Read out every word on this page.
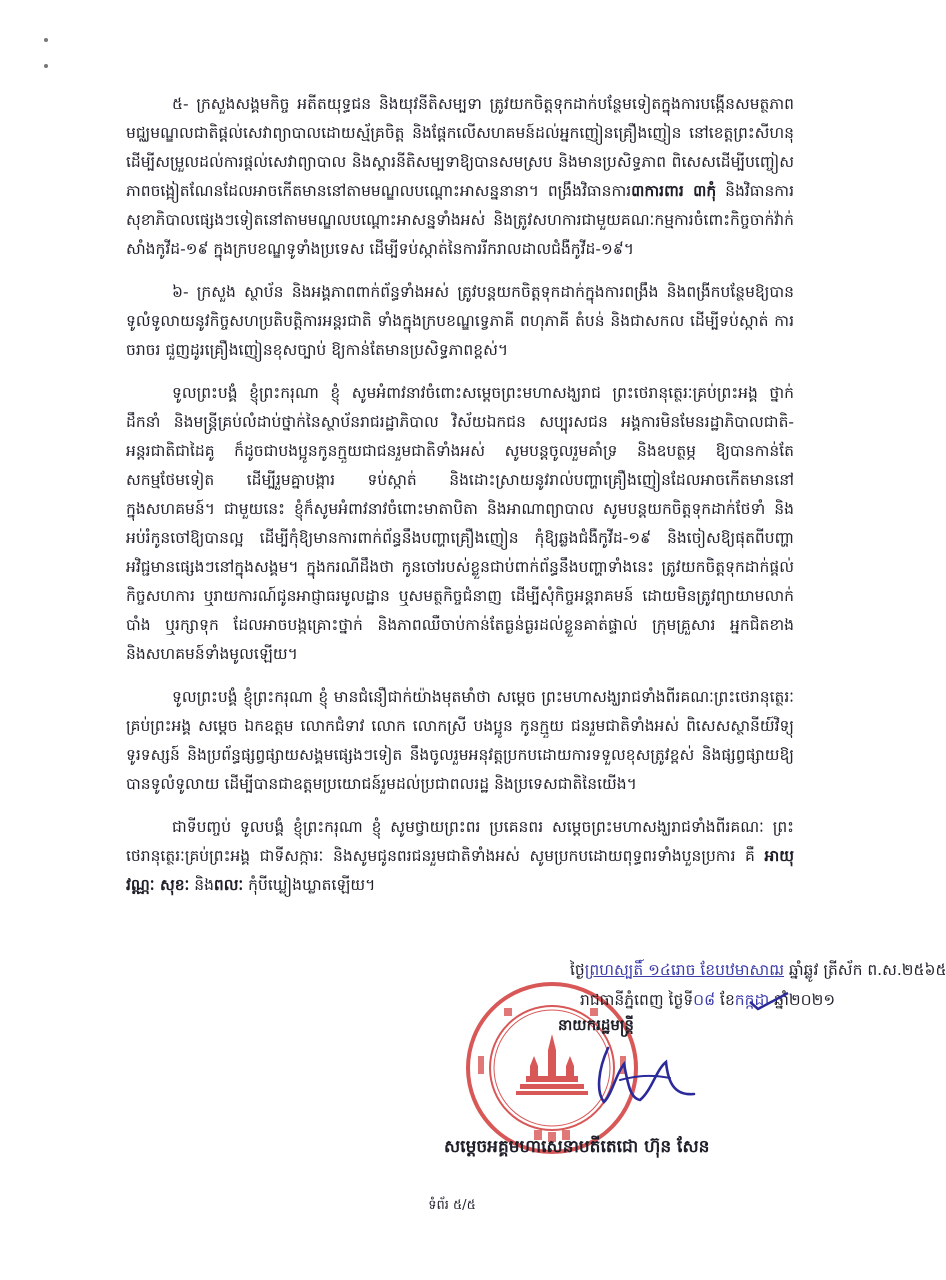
៥- ក្រសួងសង្គមកិច្ច អតីតយុទ្ធជន និងយុវនីតិសម្បទា ត្រូវយកចិត្តទុកដាក់បន្ថែមទៀតក្នុងការបង្កើនសមត្ថភាពមជ្ឈមណ្ឌលជាតិផ្ដល់សេវាព្យាបាលដោយស្ម័គ្រចិត្ត និងផ្ដែកលើសហគមន៍ដល់អ្នកញៀនគ្រឿងញៀន នៅខេត្តព្រះសីហនុ ដើម្បីសម្រួលដល់ការផ្ដល់សេវាព្យាបាល និងស្ដារនីតិសម្បទាឱ្យបានសមស្រប និងមានប្រសិទ្ធភាព ពិសេសដើម្បីបញ្ចៀសភាពចង្អៀតណែនដែលអាចកើតមាននៅតាមមណ្ឌលបណ្ដោះអាសន្ននានា។ ពង្រឹងវិធានការ៣ការពារ ៣កុំ និងវិធានការសុខាភិបាលផ្សេងៗទៀតនៅតាមមណ្ឌលបណ្ដោះអាសន្នទាំងអស់ និងត្រូវសហការជាមួយគណៈកម្មការចំពោះកិច្ចចាក់វ៉ាក់សាំងកូវីដ-១៩ ក្នុងក្របខណ្ឌទូទាំងប្រទេស ដើម្បីទប់ស្កាត់នៃការរីករាលដាលជំងឺកូវីដ-១៩។

៦- ក្រសួង ស្ថាប័ន និងអង្គភាពពាក់ព័ន្ធទាំងអស់ ត្រូវបន្តយកចិត្តទុកដាក់ក្នុងការពង្រឹង និងពង្រីកបន្ថែមឱ្យបានទូលំទូលាយនូវកិច្ចសហប្រតិបត្តិការអន្តរជាតិ ទាំងក្នុងក្របខណ្ឌទ្វេភាគី ពហុភាគី តំបន់ និងជាសកល ដើម្បីទប់ស្កាត់ ការចរាចរ ជួញដូរគ្រឿងញៀនខុសច្បាប់ ឱ្យកាន់តែមានប្រសិទ្ធភាពខ្ពស់។

ទូលព្រះបង្គំ ខ្ញុំព្រះករុណា ខ្ញុំ សូមអំពាវនាវចំពោះសម្ដេចព្រះមហាសង្ឃរាជ ព្រះថេរានុត្ថេរៈគ្រប់ព្រះអង្គ ថ្នាក់ដឹកនាំ និងមន្ត្រីគ្រប់លំដាប់ថ្នាក់នៃស្ថាប័នរាជរដ្ឋាភិបាល វិស័យឯកជន សប្បុរសជន អង្គការមិនមែនរដ្ឋាភិបាលជាតិ-អន្តរជាតិជាដៃគូ ក៏ដូចជាបងប្អូនកូនក្មួយជាជនរួមជាតិទាំងអស់ សូមបន្តចូលរួមគាំទ្រ និងឧបត្ថម្ភ ឱ្យបានកាន់តែសកម្មថែមទៀត ដើម្បីរួមគ្នាបង្ការ ទប់ស្កាត់ និងដោះស្រាយនូវរាល់បញ្ហាគ្រឿងញៀនដែលអាចកើតមាននៅក្នុងសហគមន៍។ ជាមួយនេះ ខ្ញុំក៏សូមអំពាវនាវចំពោះមាតាបិតា និងអាណាព្យាបាល សូមបន្តយកចិត្តទុកដាក់ថែទាំ និងអប់រំកូនចៅឱ្យបានល្អ ដើម្បីកុំឱ្យមានការពាក់ព័ន្ធនឹងបញ្ហាគ្រឿងញៀន កុំឱ្យឆ្លងជំងឺកូវីដ-១៩ និងចៀសឱ្យផុតពីបញ្ហាអវិជ្ជមានផ្សេងៗនៅក្នុងសង្គម។ ក្នុងករណីដឹងថា កូនចៅរបស់ខ្លួនជាប់ពាក់ព័ន្ធនឹងបញ្ហាទាំងនេះ ត្រូវយកចិត្តទុកដាក់ផ្ដល់កិច្ចសហការ ឬរាយការណ៍ជូនអាជ្ញាធរមូលដ្ឋាន ឬសមត្ថកិច្ចជំនាញ ដើម្បីសុំកិច្ចអន្តរាគមន៍ ដោយមិនត្រូវព្យាយាមលាក់បាំង ឬរក្សាទុក ដែលអាចបង្កគ្រោះថ្នាក់ និងភាពឈឺចាប់កាន់តែធ្ងន់ធ្ងរដល់ខ្លួនគាត់ផ្ទាល់ ក្រុមគ្រួសារ អ្នកជិតខាង និងសហគមន៍ទាំងមូលឡើយ។

ទូលព្រះបង្គំ ខ្ញុំព្រះករុណា ខ្ញុំ មានជំនឿជាក់យ៉ាងមុតមាំថា សម្ដេច ព្រះមហាសង្ឃរាជទាំងពីរគណៈព្រះថេរានុត្ថេរៈគ្រប់ព្រះអង្គ សម្ដេច ឯកឧត្តម លោកជំទាវ លោក លោកស្រី បងប្អូន កូនក្មួយ ជនរួមជាតិទាំងអស់ ពិសេសស្ថានីយ៍វិទ្យុ ទូរទស្សន៍ និងប្រព័ន្ធផ្សព្វផ្សាយសង្គមផ្សេងៗទៀត នឹងចូលរួមអនុវត្តប្រកបដោយការទទួលខុសត្រូវខ្ពស់ និងផ្សព្វផ្សាយឱ្យបានទូលំទូលាយ ដើម្បីបានជាឧត្តមប្រយោជន៍រួមដល់ប្រជាពលរដ្ឋ និងប្រទេសជាតិនៃយើង។

ជាទីបញ្ចប់ ទូលបង្គំ ខ្ញុំព្រះករុណា ខ្ញុំ សូមថ្វាយព្រះពរ ប្រគេនពរ សម្ដេចព្រះមហាសង្ឃរាជទាំងពីរគណៈ ព្រះថេរានុត្ថេរៈគ្រប់ព្រះអង្គ ជាទីសក្ការៈ និងសូមជូនពរជនរួមជាតិទាំងអស់ សូមប្រកបដោយពុទ្ធពរទាំងបួនប្រការ គឺ អាយុ វណ្ណៈ សុខៈ និងពលៈ កុំបីឃ្លៀងឃ្លាតឡើយ។

ថ្ងៃព្រហស្បតិ៍ ១៤រោច ខែបឋមាសាឍ ឆ្នាំឆ្លូវ ត្រីស័ក ព.ស.២៥៦៥
រាជធានីភ្នំពេញ ថ្ងៃទី០៨ ខែកក្កដា ឆ្នាំ២០២១
នាយករដ្ឋមន្ត្រី
សម្ដេចអគ្គមហាសេនាបតីតេជោ ហ៊ុន សែន
ទំព័រ ៥/៥
